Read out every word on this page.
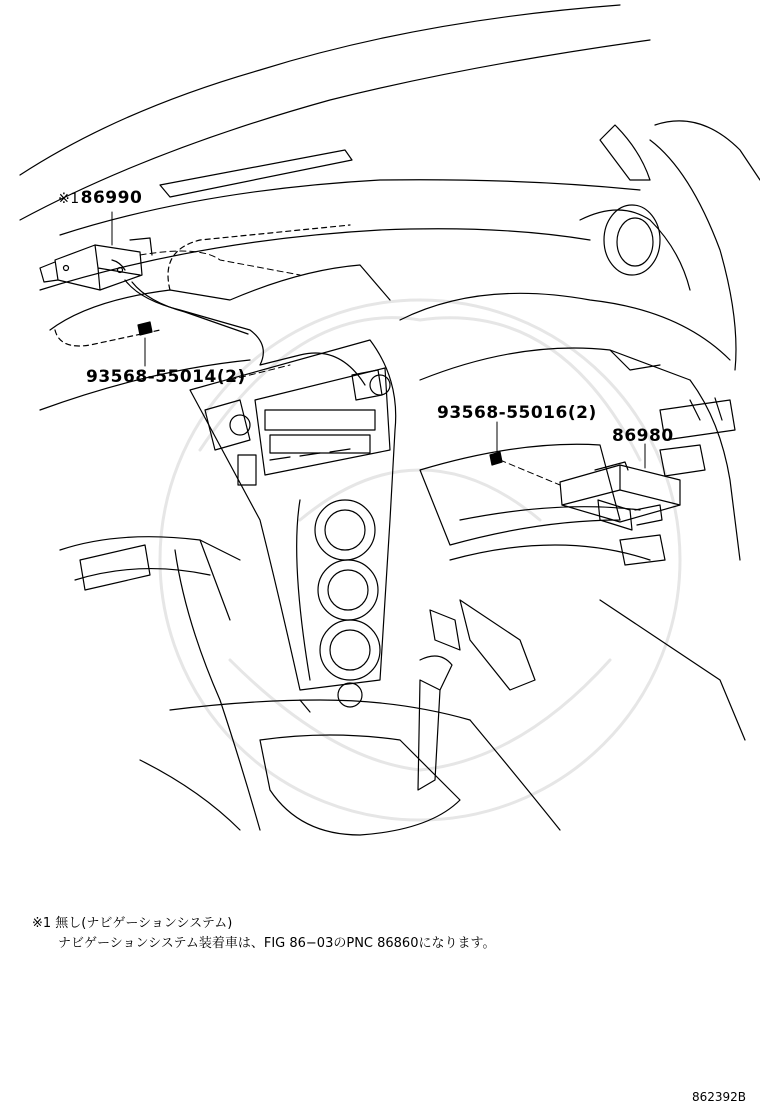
※186990
93568-55014(2)
93568-55016(2)
86980
※1 無し(ナビゲーションシステム)
ナビゲーションシステム装着車は、FIG 86−03のPNC 86860になります。
862392B
